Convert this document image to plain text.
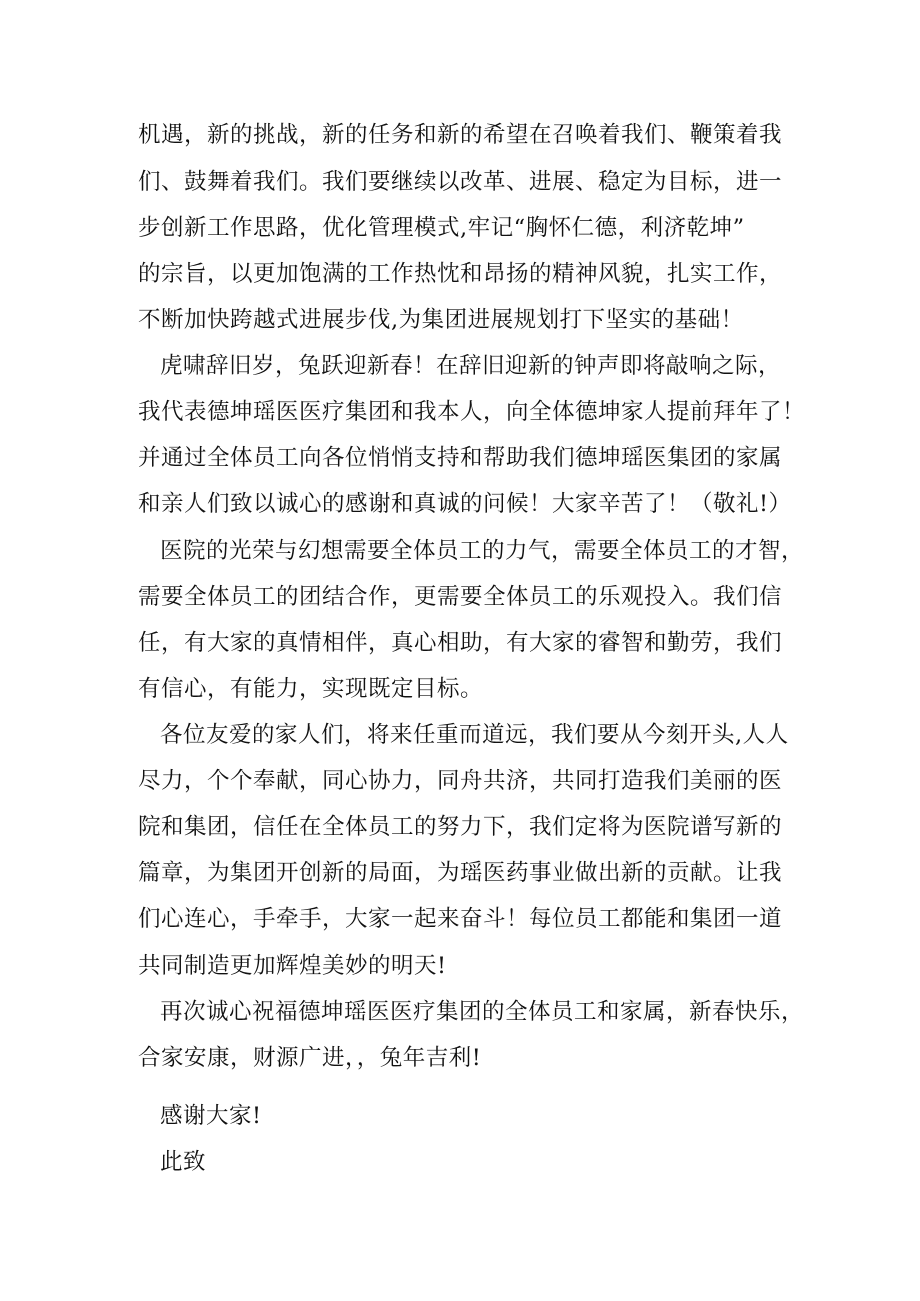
机遇，新的挑战，新的任务和新的希望在召唤着我们、鞭策着我
们、鼓舞着我们。我们要继续以改革、进展、稳定为目标，进一
步创新工作思路，优化管理模式,牢记“胸怀仁德，利济乾坤”
的宗旨，以更加饱满的工作热忱和昂扬的精神风貌，扎实工作，
不断加快跨越式进展步伐,为集团进展规划打下坚实的基础！
虎啸辞旧岁，兔跃迎新春！在辞旧迎新的钟声即将敲响之际，
我代表德坤瑶医医疗集团和我本人，向全体德坤家人提前拜年了！
并通过全体员工向各位悄悄支持和帮助我们德坤瑶医集团的家属
和亲人们致以诚心的感谢和真诚的问候！大家辛苦了！（敬礼!）
医院的光荣与幻想需要全体员工的力气，需要全体员工的才智，
需要全体员工的团结合作，更需要全体员工的乐观投入。我们信
任，有大家的真情相伴，真心相助，有大家的睿智和勤劳，我们
有信心，有能力，实现既定目标。
各位友爱的家人们，将来任重而道远，我们要从今刻开头,人人
尽力，个个奉献，同心协力，同舟共济，共同打造我们美丽的医
院和集团，信任在全体员工的努力下，我们定将为医院谱写新的
篇章，为集团开创新的局面，为瑶医药事业做出新的贡献。让我
们心连心，手牵手，大家一起来奋斗！每位员工都能和集团一道
共同制造更加辉煌美妙的明天!
再次诚心祝福德坤瑶医医疗集团的全体员工和家属，新春快乐，
合家安康，财源广进，，兔年吉利!
感谢大家!
此致
